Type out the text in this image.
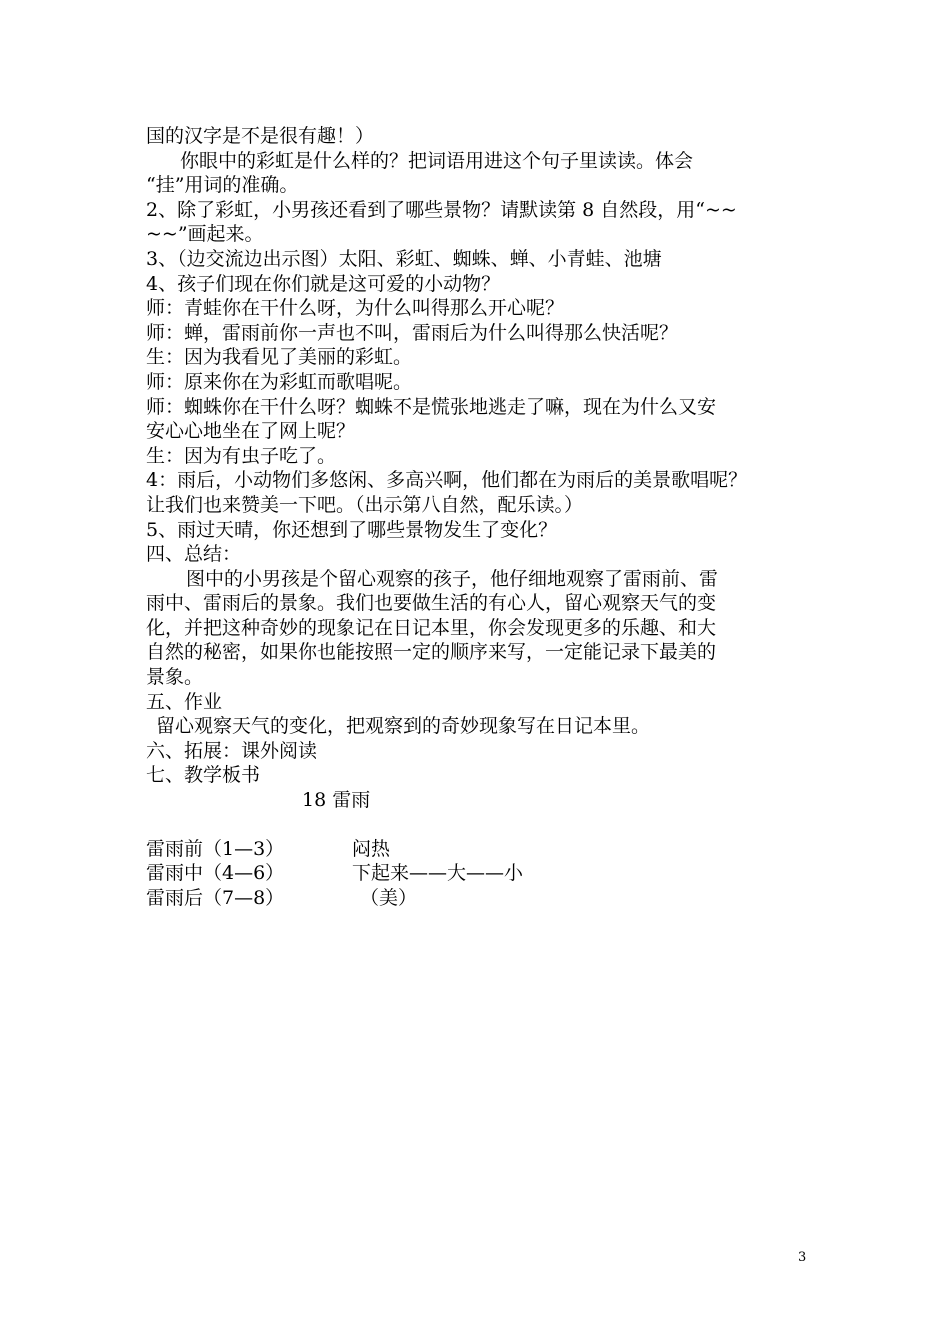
国的汉字是不是很有趣！）
你眼中的彩虹是什么样的？把词语用进这个句子里读读。体会
“挂”用词的准确。
2、除了彩虹，小男孩还看到了哪些景物？请默读第 8 自然段，用“~~
~~”画起来。
3、（边交流边出示图）太阳、彩虹、蜘蛛、蝉、小青蛙、池塘
4、孩子们现在你们就是这可爱的小动物？
师：青蛙你在干什么呀，为什么叫得那么开心呢？
师：蝉，雷雨前你一声也不叫，雷雨后为什么叫得那么快活呢？
生：因为我看见了美丽的彩虹。
师：原来你在为彩虹而歌唱呢。
师：蜘蛛你在干什么呀？蜘蛛不是慌张地逃走了嘛，现在为什么又安
安心心地坐在了网上呢？
生：因为有虫子吃了。
4：雨后，小动物们多悠闲、多高兴啊，他们都在为雨后的美景歌唱呢？
让我们也来赞美一下吧。（出示第八自然，配乐读。）
5、雨过天晴，你还想到了哪些景物发生了变化？
四、总结：
图中的小男孩是个留心观察的孩子，他仔细地观察了雷雨前、雷
雨中、雷雨后的景象。我们也要做生活的有心人，留心观察天气的变
化，并把这种奇妙的现象记在日记本里，你会发现更多的乐趣、和大
自然的秘密，如果你也能按照一定的顺序来写，一定能记录下最美的
景象。
五、作业
留心观察天气的变化，把观察到的奇妙现象写在日记本里。
六、拓展：课外阅读
七、教学板书
18 雷雨
雷雨前（1—3）	闷热
雷雨中（4—6）	下起来——大——小
雷雨后（7—8）	（美）
3
